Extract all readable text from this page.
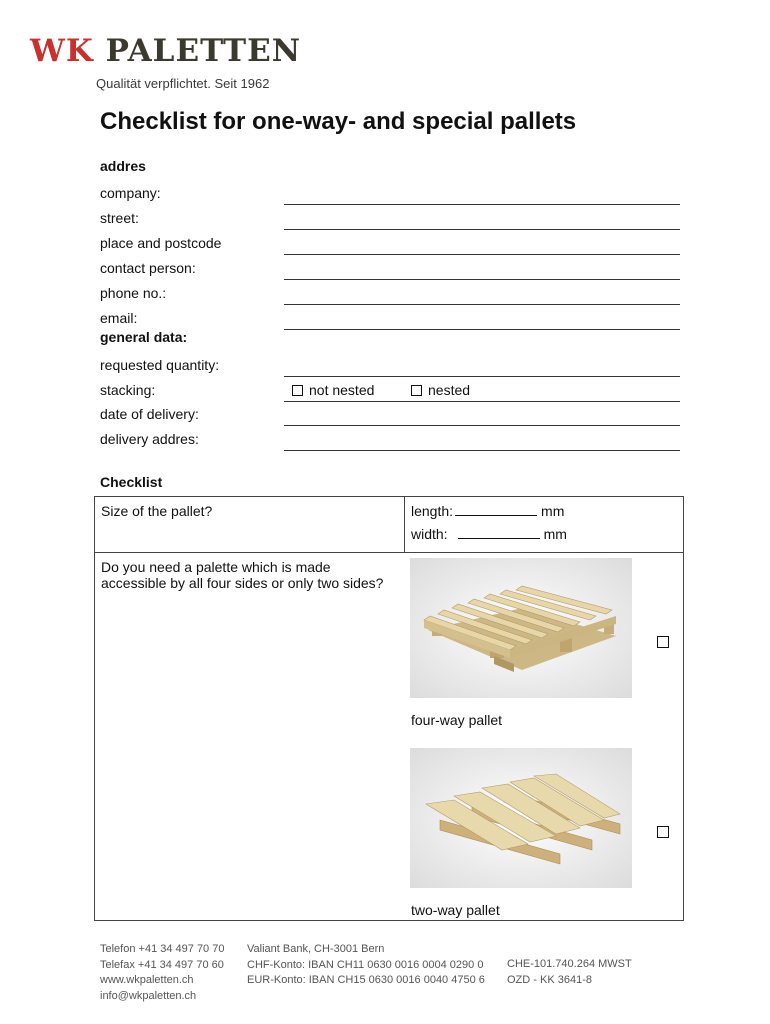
WK PALETTEN
Qualität verpflichtet. Seit 1962
Checklist for one-way- and special pallets
addres
company:
street:
place and postcode
contact person:
phone no.:
email:
general data:
requested quantity:
stacking:	not nested	nested
date of delivery:
delivery addres:
Checklist
Size of the pallet?	length:	mm
width:	mm
Do you need a palette which is made
accessible by all four sides or only two sides?
four-way pallet
two-way pallet
Telefon +41 34 497 70 70
Telefax +41 34 497 70 60
www.wkpaletten.ch
info@wkpaletten.ch
Valiant Bank, CH-3001 Bern
CHF-Konto: IBAN CH11 0630 0016 0004 0290 0
EUR-Konto: IBAN CH15 0630 0016 0040 4750 6
CHE-101.740.264 MWST
OZD - KK 3641-8
